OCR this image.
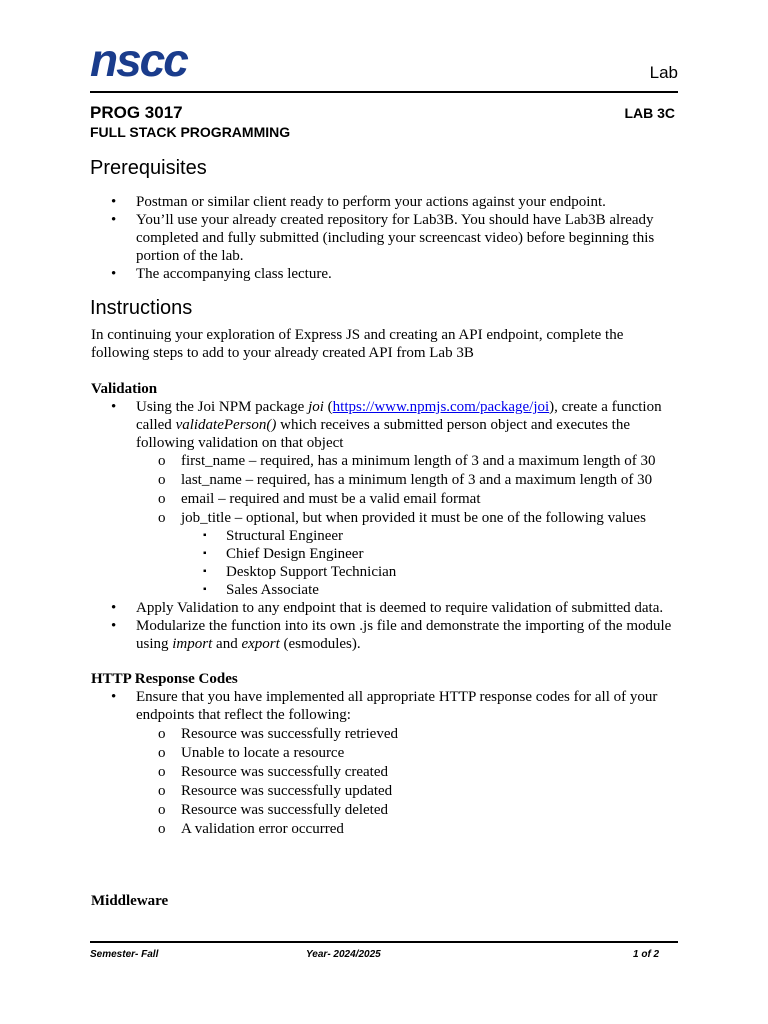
nscc	Lab
PROG 3017	LAB 3C
FULL STACK PROGRAMMING
Prerequisites
• Postman or similar client ready to perform your actions against your endpoint.
• You’ll use your already created repository for Lab3B. You should have Lab3B already completed and fully submitted (including your screencast video) before beginning this portion of the lab.
• The accompanying class lecture.
Instructions
In continuing your exploration of Express JS and creating an API endpoint, complete the following steps to add to your already created API from Lab 3B
Validation
• Using the Joi NPM package joi (https://www.npmjs.com/package/joi), create a function called validatePerson() which receives a submitted person object and executes the following validation on that object
o first_name – required, has a minimum length of 3 and a maximum length of 30
o last_name – required, has a minimum length of 3 and a maximum length of 30
o email – required and must be a valid email format
o job_title – optional, but when provided it must be one of the following values
▪ Structural Engineer
▪ Chief Design Engineer
▪ Desktop Support Technician
▪ Sales Associate
• Apply Validation to any endpoint that is deemed to require validation of submitted data.
• Modularize the function into its own .js file and demonstrate the importing of the module using import and export (esmodules).
HTTP Response Codes
• Ensure that you have implemented all appropriate HTTP response codes for all of your endpoints that reflect the following:
o Resource was successfully retrieved
o Unable to locate a resource
o Resource was successfully created
o Resource was successfully updated
o Resource was successfully deleted
o A validation error occurred
Middleware
Semester- Fall	Year- 2024/2025	1 of 2
